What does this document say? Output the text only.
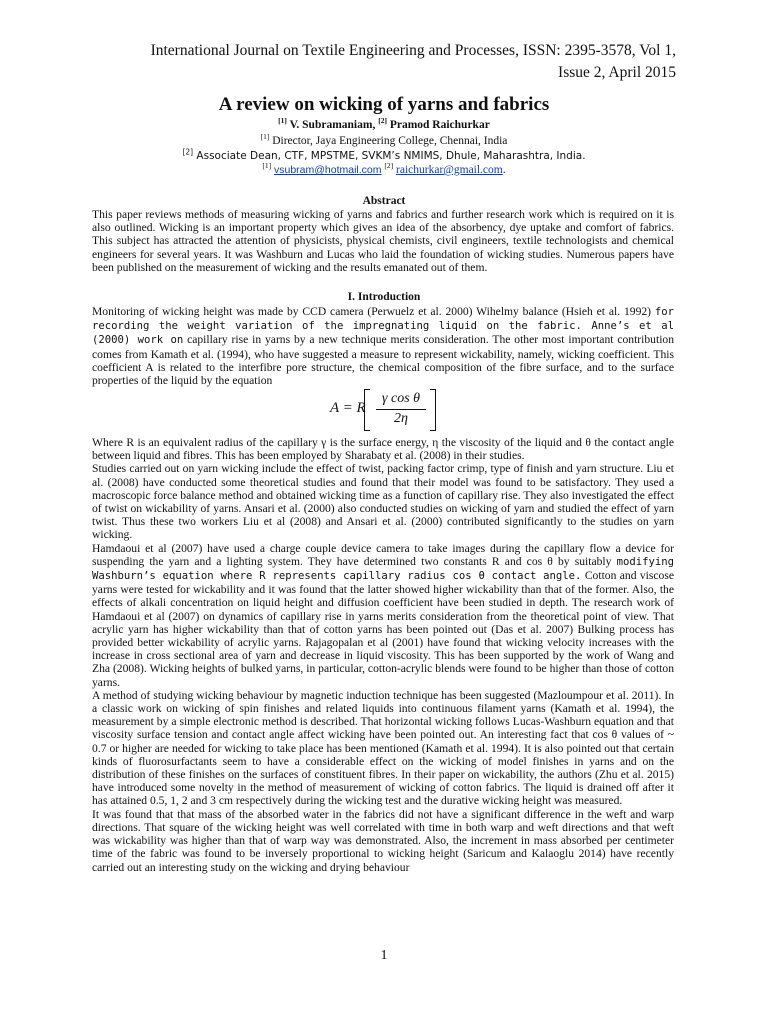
International Journal on Textile Engineering and Processes, ISSN: 2395-3578, Vol 1,
Issue 2, April 2015
A review on wicking of yarns and fabrics
[1] V. Subramaniam, [2] Pramod Raichurkar
[1] Director, Jaya Engineering College, Chennai, India
[2] Associate Dean, CTF, MPSTME, SVKM’s NMIMS, Dhule, Maharashtra, India.
[1] vsubram@hotmail.com [2] raichurkar@gmail.com.
Abstract

This paper reviews methods of measuring wicking of yarns and fabrics and further research work which is required on it is also outlined. Wicking is an important property which gives an idea of the absorbency, dye uptake and comfort of fabrics. This subject has attracted the attention of physicists, physical chemists, civil engineers, textile technologists and chemical engineers for several years. It was Washburn and Lucas who laid the foundation of wicking studies. Numerous papers have been published on the measurement of wicking and the results emanated out of them.

I. Introduction

Monitoring of wicking height was made by CCD camera (Perwuelz et al. 2000) Wihelmy balance (Hsieh et al. 1992) for recording the weight variation of the impregnating liquid on the fabric. Anne’s et al (2000) work on capillary rise in yarns by a new technique merits consideration. The other most important contribution comes from Kamath et al. (1994), who have suggested a measure to represent wickability, namely, wicking coefficient. This coefficient A is related to the interfibre pore structure, the chemical composition of the fibre surface, and to the surface properties of the liquid by the equation

A = R
γ cos θ
2η

Where R is an equivalent radius of the capillary γ is the surface energy, η the viscosity of the liquid and θ the contact angle between liquid and fibres. This has been employed by Sharabaty et al. (2008) in their studies.

Studies carried out on yarn wicking include the effect of twist, packing factor crimp, type of finish and yarn structure. Liu et al. (2008) have conducted some theoretical studies and found that their model was found to be satisfactory. They used a macroscopic force balance method and obtained wicking time as a function of capillary rise. They also investigated the effect of twist on wickability of yarns. Ansari et al. (2000) also conducted studies on wicking of yarn and studied the effect of yarn twist. Thus these two workers Liu et al (2008) and Ansari et al. (2000) contributed significantly to the studies on yarn wicking.

Hamdaoui et al (2007) have used a charge couple device camera to take images during the capillary flow a device for suspending the yarn and a lighting system. They have determined two constants R and cos θ by suitably modifying Washburn’s equation where R represents capillary radius cos θ contact angle. Cotton and viscose yarns were tested for wickability and it was found that the latter showed higher wickability than that of the former. Also, the effects of alkali concentration on liquid height and diffusion coefficient have been studied in depth. The research work of Hamdaoui et al (2007) on dynamics of capillary rise in yarns merits consideration from the theoretical point of view. That acrylic yarn has higher wickability than that of cotton yarns has been pointed out (Das et al. 2007) Bulking process has provided better wickability of acrylic yarns. Rajagopalan et al (2001) have found that wicking velocity increases with the increase in cross sectional area of yarn and decrease in liquid viscosity. This has been supported by the work of Wang and Zha (2008). Wicking heights of bulked yarns, in particular, cotton-acrylic blends were found to be higher than those of cotton yarns.

A method of studying wicking behaviour by magnetic induction technique has been suggested (Mazloumpour et al. 2011). In a classic work on wicking of spin finishes and related liquids into continuous filament yarns (Kamath et al. 1994), the measurement by a simple electronic method is described. That horizontal wicking follows Lucas-Washburn equation and that viscosity surface tension and contact angle affect wicking have been pointed out. An interesting fact that cos θ values of ~ 0.7 or higher are needed for wicking to take place has been mentioned (Kamath et al. 1994). It is also pointed out that certain kinds of fluorosurfactants seem to have a considerable effect on the wicking of model finishes in yarns and on the distribution of these finishes on the surfaces of constituent fibres. In their paper on wickability, the authors (Zhu et al. 2015) have introduced some novelty in the method of measurement of wicking of cotton fabrics. The liquid is drained off after it has attained 0.5, 1, 2 and 3 cm respectively during the wicking test and the durative wicking height was measured.

It was found that that mass of the absorbed water in the fabrics did not have a significant difference in the weft and warp directions. That square of the wicking height was well correlated with time in both warp and weft directions and that weft was wickability was higher than that of warp way was demonstrated. Also, the increment in mass absorbed per centimeter time of the fabric was found to be inversely proportional to wicking height (Saricum and Kalaoglu 2014) have recently carried out an interesting study on the wicking and drying behaviour

1
